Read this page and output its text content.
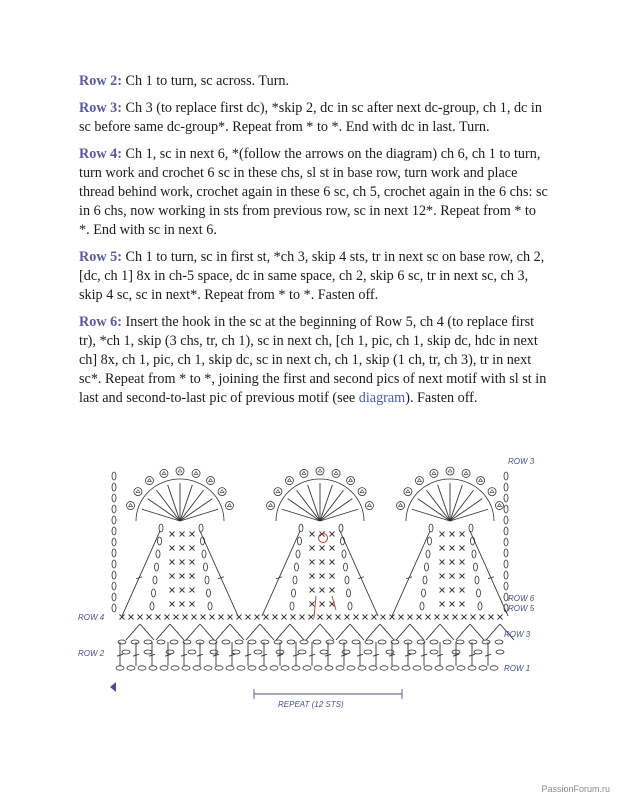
Row 2: Ch 1 to turn, sc across. Turn.

Row 3: Ch 3 (to replace first dc), *skip 2, dc in sc after next dc-group, ch 1, dc in sc before same dc-group*. Repeat from * to *. End with dc in last. Turn.

Row 4: Ch 1, sc in next 6, *(follow the arrows on the diagram) ch 6, ch 1 to turn, turn work and crochet 6 sc in these chs, sl st in base row, turn work and place thread behind work, crochet again in these 6 sc, ch 5, crochet again in the 6 chs: sc in 6 chs, now working in sts from previous row, sc in next 12*. Repeat from * to *. End with sc in next 6.

Row 5: Ch 1 to turn, sc in first st, *ch 3, skip 4 sts, tr in next sc on base row, ch 2, [dc, ch 1] 8x in ch-5 space, dc in same space, ch 2, skip 6 sc, tr in next sc, ch 3, skip 4 sc, sc in next*. Repeat from * to *. Fasten off.

Row 6: Insert the hook in the sc at the beginning of Row 5, ch 4 (to replace first tr), *ch 1, skip (3 chs, tr, ch 1), sc in next ch, [ch 1, pic, ch 1, skip dc, hdc in next ch] 8x, ch 1, pic, ch 1, skip dc, sc in next ch, ch 1, skip (1 ch, tr, ch 3), tr in next sc*. Repeat from * to *, joining the first and second pics of next motif with sl st in last and second-to-last pic of previous motif (see diagram). Fasten off.

ROW 3
ROW 6
ROW 5
ROW 4
ROW 3
ROW 2
ROW 1
REPEAT (12 STS)
PassionForum.ru
